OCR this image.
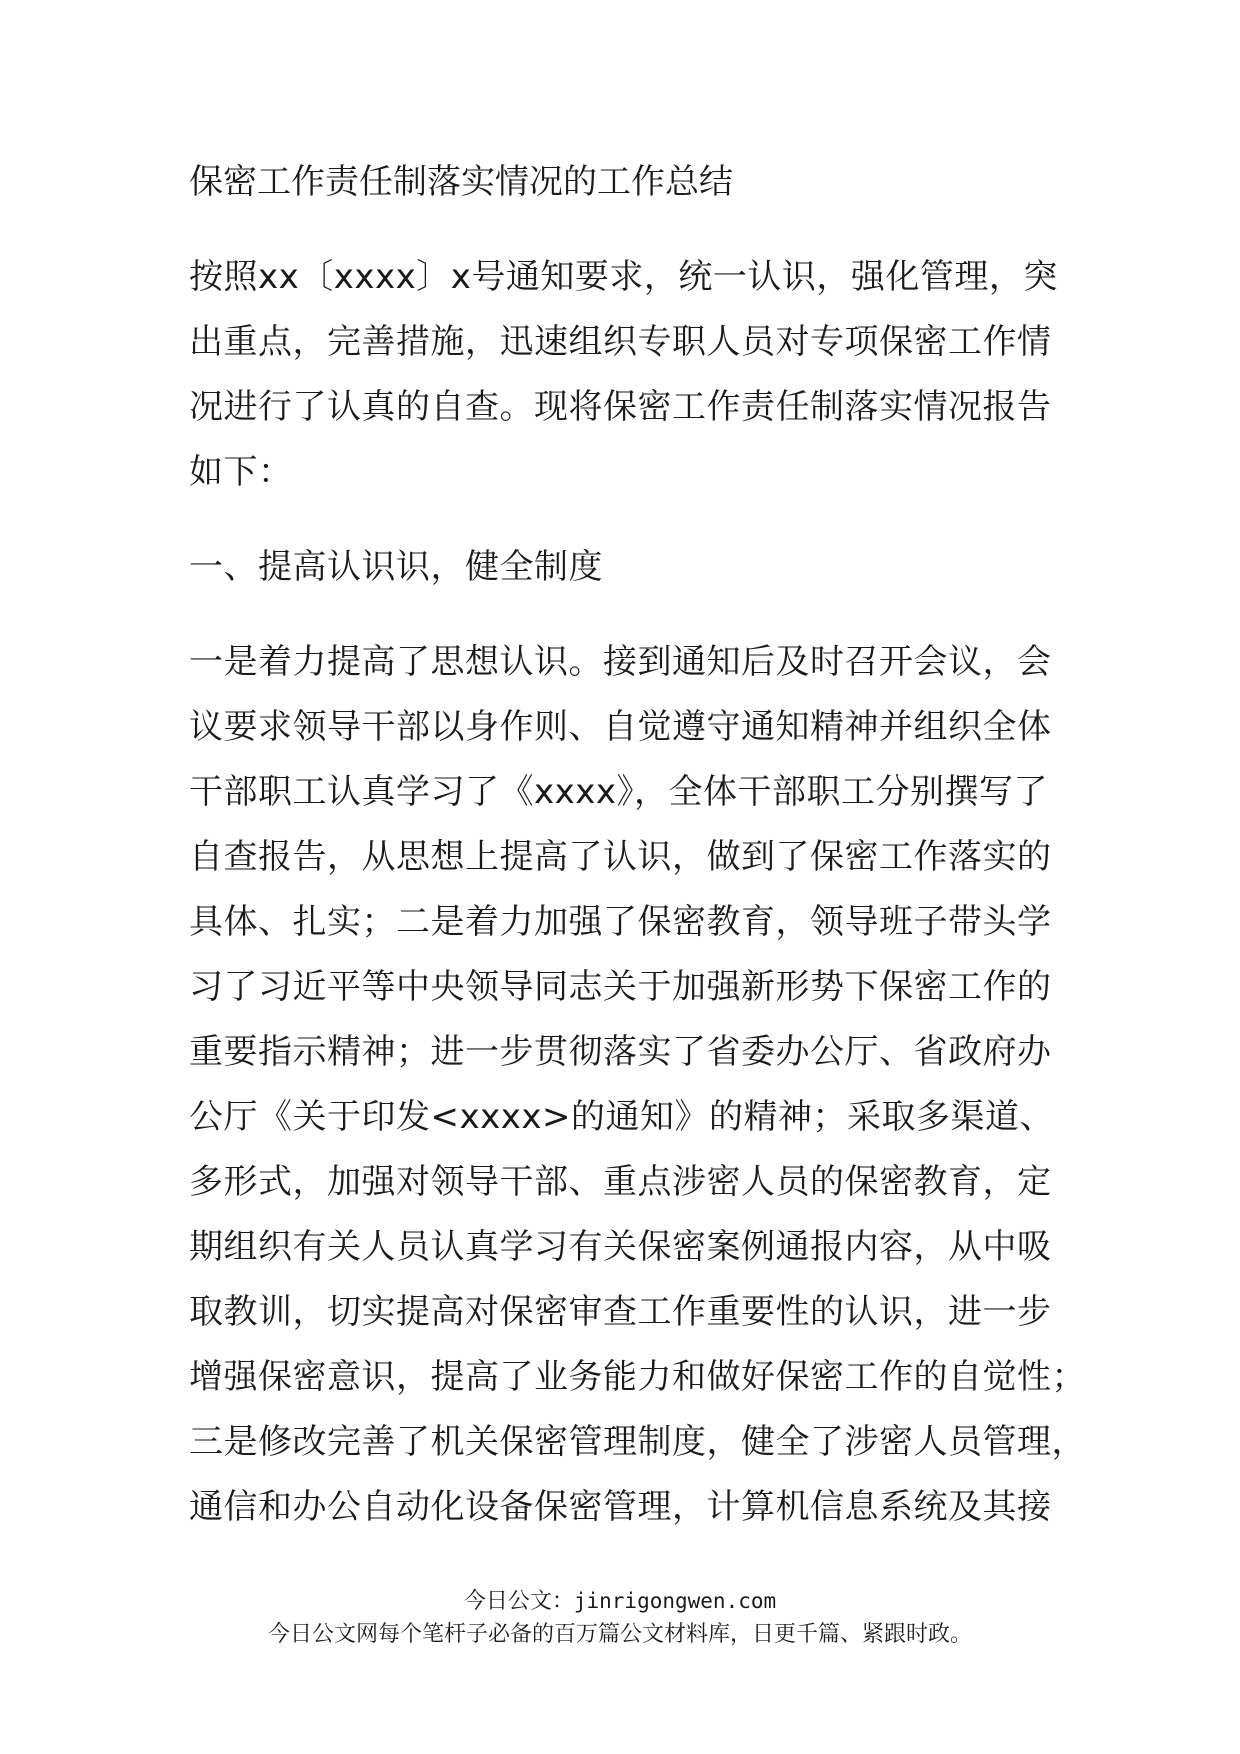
保密工作责任制落实情况的工作总结
按照xx〔xxxx〕x号通知要求，统一认识，强化管理，突
出重点，完善措施，迅速组织专职人员对专项保密工作情
况进行了认真的自查。现将保密工作责任制落实情况报告
如下：
一、提高认识识，健全制度
一是着力提高了思想认识。接到通知后及时召开会议，会
议要求领导干部以身作则、自觉遵守通知精神并组织全体
干部职工认真学习了《xxxx》，全体干部职工分别撰写了
自查报告，从思想上提高了认识，做到了保密工作落实的
具体、扎实；二是着力加强了保密教育，领导班子带头学
习了习近平等中央领导同志关于加强新形势下保密工作的
重要指示精神；进一步贯彻落实了省委办公厅、省政府办
公厅《关于印发<xxxx>的通知》的精神；采取多渠道、
多形式，加强对领导干部、重点涉密人员的保密教育，定
期组织有关人员认真学习有关保密案例通报内容，从中吸
取教训，切实提高对保密审查工作重要性的认识，进一步
增强保密意识，提高了业务能力和做好保密工作的自觉性；
三是修改完善了机关保密管理制度，健全了涉密人员管理，
通信和办公自动化设备保密管理，计算机信息系统及其接
今日公文：jinrigongwen.com
今日公文网每个笔杆子必备的百万篇公文材料库，日更千篇、紧跟时政。
